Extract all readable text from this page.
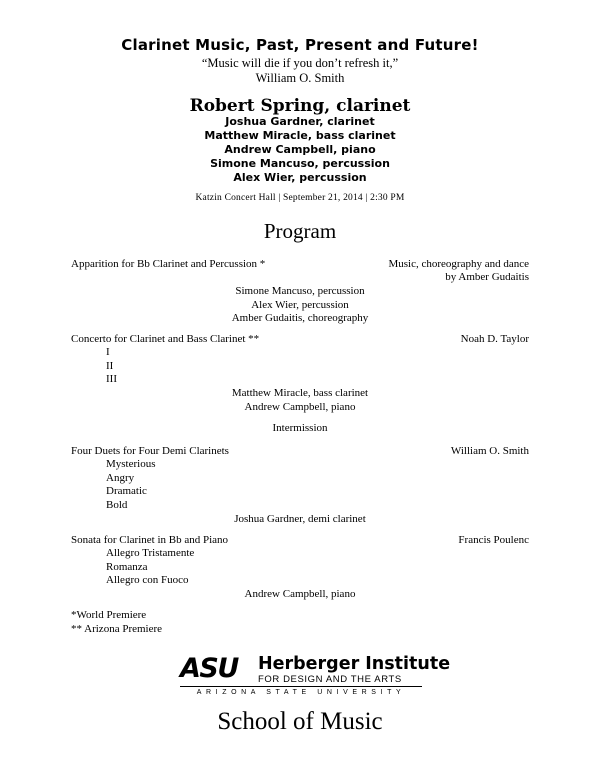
Clarinet Music, Past, Present and Future!
“Music will die if you don’t refresh it,”
William O. Smith
Robert Spring, clarinet
Joshua Gardner, clarinet
Matthew Miracle, bass clarinet
Andrew Campbell, piano
Simone Mancuso, percussion
Alex Wier, percussion
Katzin Concert Hall | September 21, 2014 | 2:30 PM
Program
Apparition for Bb Clarinet and Percussion *	Music, choreography and dance
by Amber Gudaitis
Simone Mancuso, percussion
Alex Wier, percussion
Amber Gudaitis, choreography
Concerto for Clarinet and Bass Clarinet **	Noah D. Taylor
I
II
III
Matthew Miracle, bass clarinet
Andrew Campbell, piano
Intermission
Four Duets for Four Demi Clarinets	William O. Smith
Mysterious
Angry
Dramatic
Bold
Joshua Gardner, demi clarinet
Sonata for Clarinet in Bb and Piano	Francis Poulenc
Allegro Tristamente
Romanza
Allegro con Fuoco
Andrew Campbell, piano
*World Premiere
** Arizona Premiere
ASU Herberger Institute
FOR DESIGN AND THE ARTS
ARIZONA STATE UNIVERSITY
School of Music
